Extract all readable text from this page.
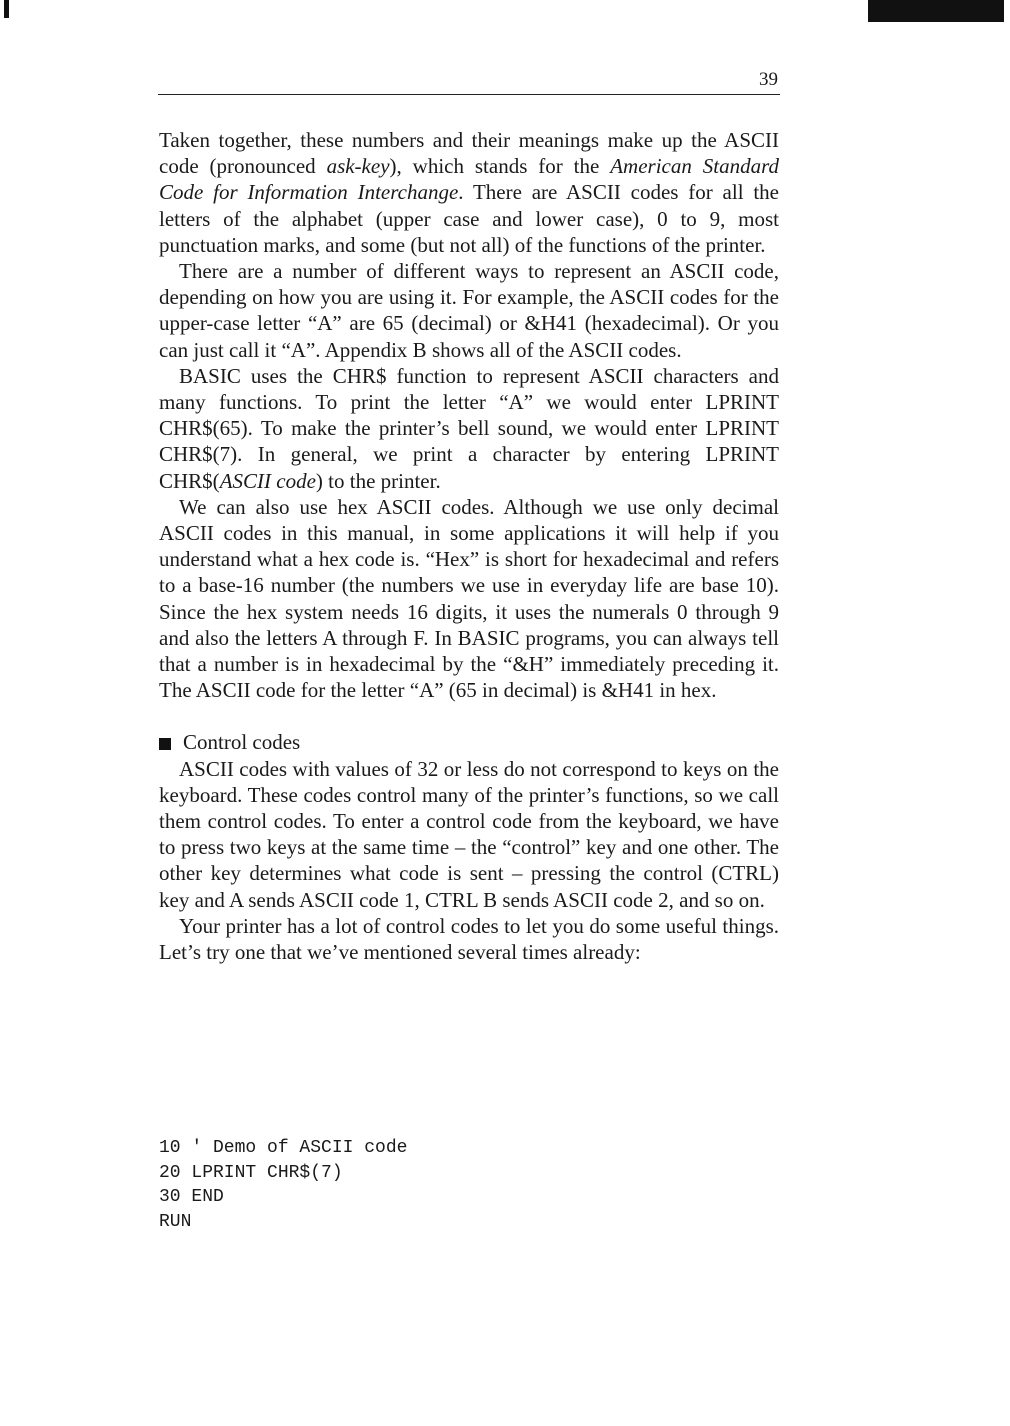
39

Taken together, these numbers and their meanings make up the ASCII code (pronounced ask-key), which stands for the American Standard Code for Information Interchange. There are ASCII codes for all the letters of the alphabet (upper case and lower case), 0 to 9, most punctuation marks, and some (but not all) of the functions of the printer.

There are a number of different ways to represent an ASCII code, depending on how you are using it. For example, the ASCII codes for the upper-case letter “A” are 65 (decimal) or &H41 (hexadecimal). Or you can just call it “A”. Appendix B shows all of the ASCII codes.

BASIC uses the CHR$ function to represent ASCII characters and many functions. To print the letter “A” we would enter LPRINT CHR$(65). To make the printer’s bell sound, we would enter LPRINT CHR$(7). In general, we print a character by entering LPRINT CHR$(ASCII code) to the printer.

We can also use hex ASCII codes. Although we use only decimal ASCII codes in this manual, in some applications it will help if you understand what a hex code is. “Hex” is short for hexadecimal and refers to a base-16 number (the numbers we use in everyday life are base 10). Since the hex system needs 16 digits, it uses the numerals 0 through 9 and also the letters A through F. In BASIC programs, you can always tell that a number is in hexadecimal by the “&H” immediately preceding it. The ASCII code for the letter “A” (65 in decimal) is &H41 in hex.

Control codes

ASCII codes with values of 32 or less do not correspond to keys on the keyboard. These codes control many of the printer’s functions, so we call them control codes. To enter a control code from the keyboard, we have to press two keys at the same time – the “control” key and one other. The other key determines what code is sent – pressing the control (CTRL) key and A sends ASCII code 1, CTRL B sends ASCII code 2, and so on.

Your printer has a lot of control codes to let you do some useful things. Let’s try one that we’ve mentioned several times already:

10 ' Demo of ASCII code
20 LPRINT CHR$(7)
30 END
RUN
